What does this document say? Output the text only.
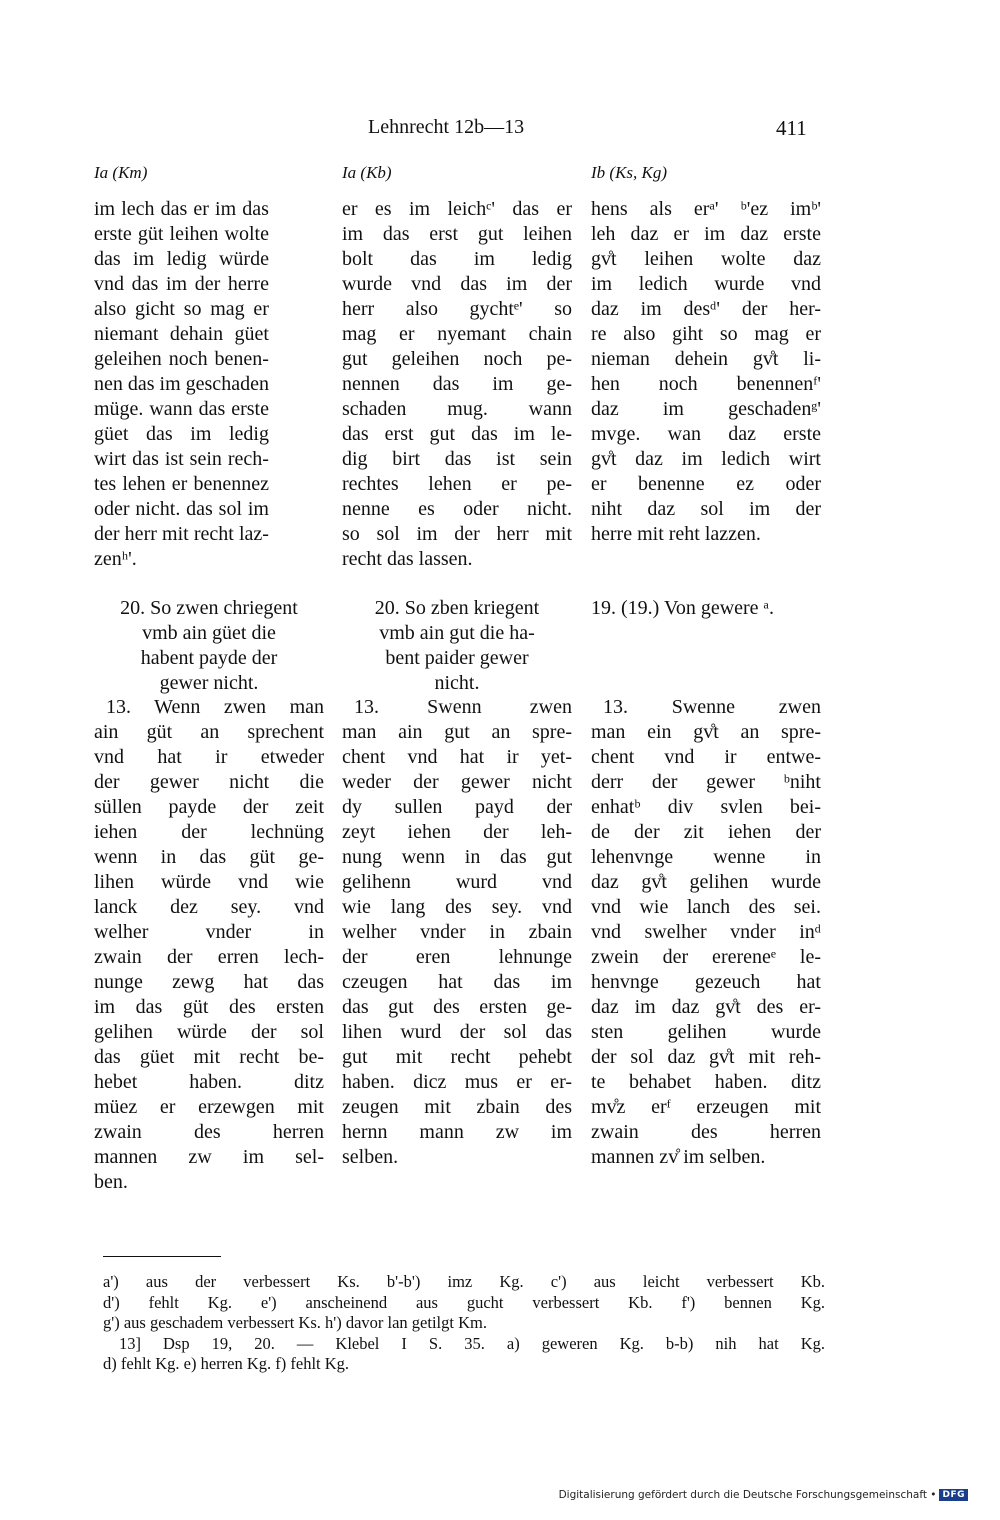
Lehnrecht 12b—13	411
Ia (Km)
im lech das er im das
erste güt leihen wolte
das im ledig würde
vnd das im der herre
also gicht so mag er
niemant dehain güet
geleihen noch benen-
nen das im geschaden
müge. wann das erste
güet das im ledig
wirt das ist sein rech-
tes lehen er benennez
oder nicht. das sol im
der herr mit recht laz-
zenʰ'.
20. So zwen chriegent
vmb ain güet die
habent payde der
gewer nicht.
13. Wenn zwen man
ain güt an sprechent
vnd hat ir etweder
der gewer nicht die
süllen payde der zeit
iehen der lechnüng
wenn in das güt ge-
lihen würde vnd wie
lanck dez sey. vnd
welher vnder in
zwain der erren lech-
nunge zewg hat das
im das güt des ersten
gelihen würde der sol
das güet mit recht be-
hebet haben. ditz
müez er erzewgen mit
zwain des herren
mannen zw im sel-
ben.
Ia (Kb)
er es im leichᶜ' das er
im das erst gut leihen
bolt das im ledig
wurde vnd das im der
herr also gychtᵉ' so
mag er nyemant chain
gut geleihen noch pe-
nennen das im ge-
schaden mug. wann
das erst gut das im le-
dig birt das ist sein
rechtes lehen er pe-
nenne es oder nicht.
so sol im der herr mit
recht das lassen.
20. So zben kriegent
vmb ain gut die ha-
bent paider gewer
nicht.
13. Swenn zwen
man ain gut an spre-
chent vnd hat ir yet-
weder der gewer nicht
dy sullen payd der
zeyt iehen der leh-
nung wenn in das gut
gelihenn wurd vnd
wie lang des sey. vnd
welher vnder in zbain
der eren lehnunge
czeugen hat das im
das gut des ersten ge-
lihen wurd der sol das
gut mit recht pehebt
haben. dicz mus er er-
zeugen mit zbain des
hernn mann zw im
selben.
Ib (Ks, Kg)
hens als erᵃ' ᵇ'ez imᵇ'
leh daz er im daz erste
gv̊t leihen wolte daz
im ledich wurde vnd
daz im desᵈ' der her-
re also giht so mag er
nieman dehein gv̊t li-
hen noch benennenᶠ'
daz im geschadenᵍ'
mvge. wan daz erste
gv̊t daz im ledich wirt
er benenne ez oder
niht daz sol im der
herre mit reht lazzen.
19. (19.) Von gewere ᵃ.
13. Swenne zwen
man ein gv̊t an spre-
chent vnd ir entwe-
derr der gewer ᵇniht
enhatᵇ div svlen bei-
de der zit iehen der
lehenvnge wenne in
daz gv̊t gelihen wurde
vnd wie lanch des sei.
vnd swelher vnder inᵈ
zwein der erereneᵉ le-
henvnge gezeuch hat
daz im daz gv̊t des er-
sten gelihen wurde
der sol daz gv̊t mit reh-
te behabet haben. ditz
mv̊z erᶠ erzeugen mit
zwain des herren
mannen zv̊ im selben.
a') aus der verbessert Ks. b'-b') imz Kg. c') aus leicht verbessert Kb.
d') fehlt Kg. e') anscheinend aus gucht verbessert Kb. f') bennen Kg.
g') aus geschadem verbessert Ks. h') davor lan getilgt Km.
13] Dsp 19, 20. — Klebel I S. 35. a) geweren Kg. b-b) nih hat Kg.
d) fehlt Kg. e) herren Kg. f) fehlt Kg.
Digitalisierung gefördert durch die Deutsche Forschungsgemeinschaft • DFG
